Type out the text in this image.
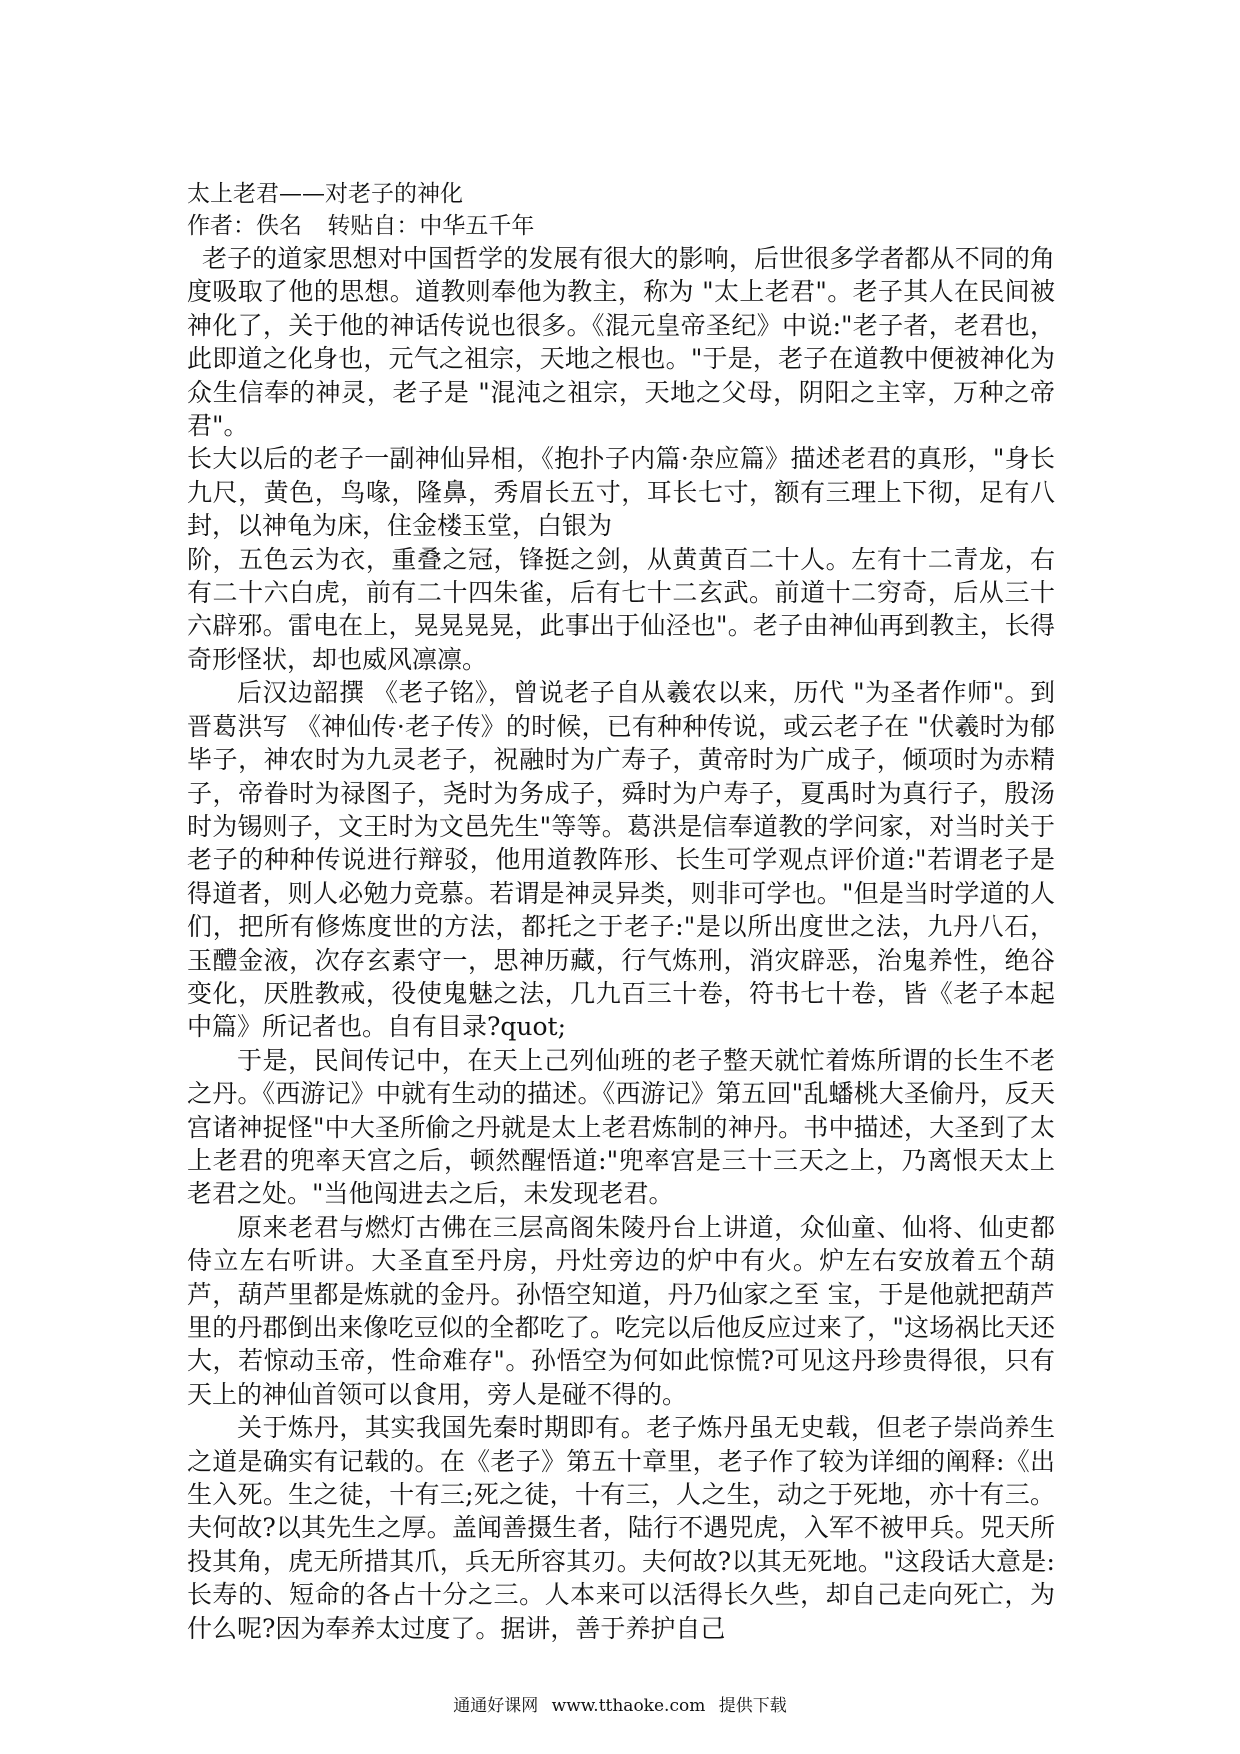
太上老君——对老子的神化
作者：佚名 转贴自：中华五千年

老子的道家思想对中国哲学的发展有很大的影响，后世很多学者都从不同的角度吸取了他的思想。道教则奉他为教主，称为 "太上老君"。老子其人在民间被神化了，关于他的神话传说也很多。《混元皇帝圣纪》中说:"老子者，老君也，此即道之化身也，元气之祖宗，天地之根也。"于是，老子在道教中便被神化为众生信奉的神灵，老子是 "混沌之祖宗，天地之父母，阴阳之主宰，万种之帝君"。

长大以后的老子一副神仙异相，《抱扑子内篇·杂应篇》描述老君的真形，"身长九尺，黄色，鸟喙，隆鼻，秀眉长五寸，耳长七寸，额有三理上下彻，足有八封，以神龟为床，住金楼玉堂，白银为

阶，五色云为衣，重叠之冠，锋挺之剑，从黄黄百二十人。左有十二青龙，右有二十六白虎，前有二十四朱雀，后有七十二玄武。前道十二穷奇，后从三十六辟邪。雷电在上，晃晃晃晃，此事出于仙泾也"。老子由神仙再到教主，长得奇形怪状，却也威风凛凛。

后汉边韶撰 《老子铭》，曾说老子自从羲农以来，历代 "为圣者作师"。到晋葛洪写 《神仙传·老子传》的时候，已有种种传说，或云老子在 "伏羲时为郁毕子，神农时为九灵老子，祝融时为广寿子，黄帝时为广成子，倾项时为赤精子，帝眷时为禄图子，尧时为务成子，舜时为户寿子，夏禹时为真行子，殷汤时为锡则子，文王时为文邑先生"等等。葛洪是信奉道教的学问家，对当时关于老子的种种传说进行辩驳，他用道教阵形、长生可学观点评价道:"若谓老子是得道者，则人必勉力竞慕。若谓是神灵异类，则非可学也。"但是当时学道的人们，把所有修炼度世的方法，都托之于老子:"是以所出度世之法，九丹八石，玉醴金液，次存玄素守一，思神历藏，行气炼刑，消灾辟恶，治鬼养性，绝谷变化，厌胜教戒，役使鬼魅之法，几九百三十卷，符书七十卷，皆《老子本起中篇》所记者也。自有目录?quot;

于是，民间传记中，在天上己列仙班的老子整天就忙着炼所谓的长生不老之丹。《西游记》中就有生动的描述。《西游记》第五回"乱蟠桃大圣偷丹，反天宫诸神捉怪"中大圣所偷之丹就是太上老君炼制的神丹。书中描述，大圣到了太上老君的兜率天宫之后，顿然醒悟道:"兜率宫是三十三天之上，乃离恨天太上老君之处。"当他闯进去之后，未发现老君。

原来老君与燃灯古佛在三层高阁朱陵丹台上讲道，众仙童、仙将、仙吏都侍立左右听讲。大圣直至丹房，丹灶旁边的炉中有火。炉左右安放着五个葫芦，葫芦里都是炼就的金丹。孙悟空知道，丹乃仙家之至 宝，于是他就把葫芦里的丹郡倒出来像吃豆似的全都吃了。吃完以后他反应过来了，"这场祸比天还大，若惊动玉帝，性命难存"。孙悟空为何如此惊慌?可见这丹珍贵得很，只有天上的神仙首领可以食用，旁人是碰不得的。

关于炼丹，其实我国先秦时期即有。老子炼丹虽无史载，但老子崇尚养生之道是确实有记载的。在《老子》第五十章里，老子作了较为详细的阐释:《出生入死。生之徒，十有三;死之徒，十有三，人之生，动之于死地，亦十有三。夫何故?以其先生之厚。盖闻善摄生者，陆行不遇兕虎，入军不被甲兵。兕天所投其角，虎无所措其爪，兵无所容其刃。夫何故?以其无死地。"这段话大意是:长寿的、短命的各占十分之三。人本来可以活得长久些，却自己走向死亡，为什么呢?因为奉养太过度了。据讲，善于养护自己

通通好课网 www.tthaoke.com 提供下载
